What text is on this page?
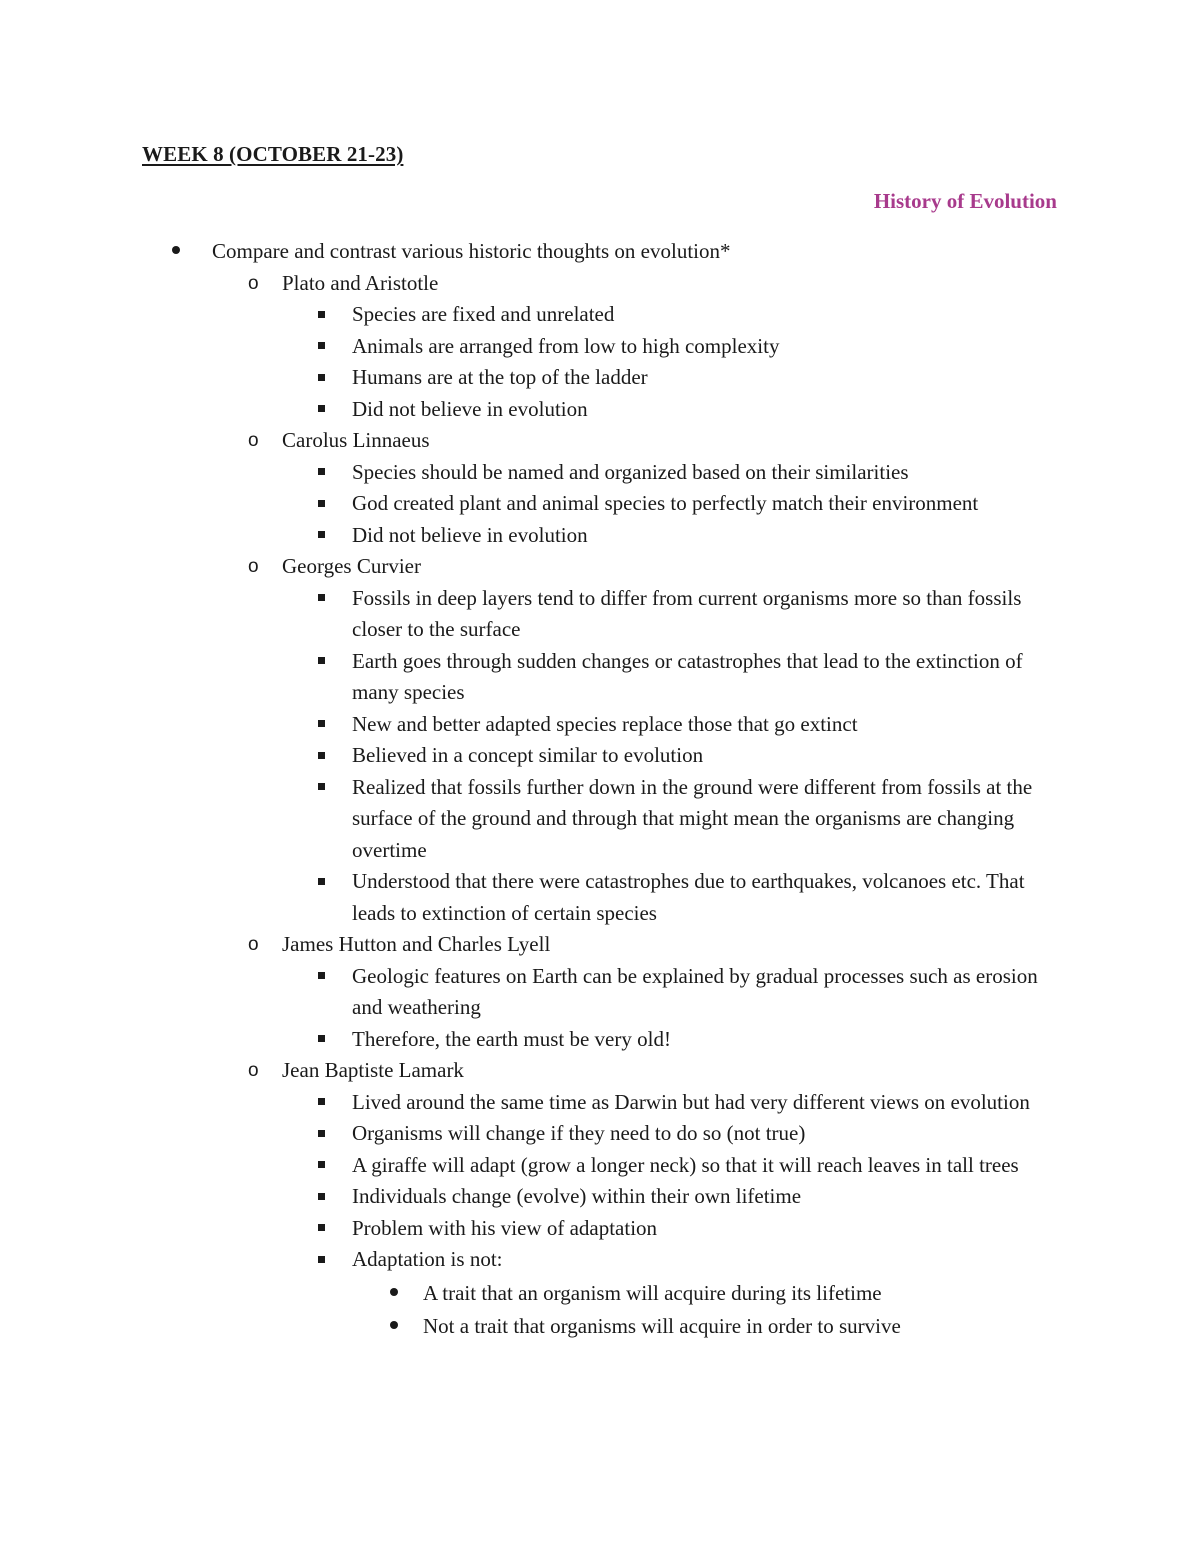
WEEK 8 (OCTOBER 21-23)
History of Evolution
Compare and contrast various historic thoughts on evolution*
o Plato and Aristotle
Species are fixed and unrelated
Animals are arranged from low to high complexity
Humans are at the top of the ladder
Did not believe in evolution
o Carolus Linnaeus
Species should be named and organized based on their similarities
God created plant and animal species to perfectly match their environment
Did not believe in evolution
o Georges Curvier
Fossils in deep layers tend to differ from current organisms more so than fossils closer to the surface
Earth goes through sudden changes or catastrophes that lead to the extinction of many species
New and better adapted species replace those that go extinct
Believed in a concept similar to evolution
Realized that fossils further down in the ground were different from fossils at the surface of the ground and through that might mean the organisms are changing overtime
Understood that there were catastrophes due to earthquakes, volcanoes etc. That leads to extinction of certain species
o James Hutton and Charles Lyell
Geologic features on Earth can be explained by gradual processes such as erosion and weathering
Therefore, the earth must be very old!
o Jean Baptiste Lamark
Lived around the same time as Darwin but had very different views on evolution
Organisms will change if they need to do so (not true)
A giraffe will adapt (grow a longer neck) so that it will reach leaves in tall trees
Individuals change (evolve) within their own lifetime
Problem with his view of adaptation
Adaptation is not:
A trait that an organism will acquire during its lifetime
Not a trait that organisms will acquire in order to survive
